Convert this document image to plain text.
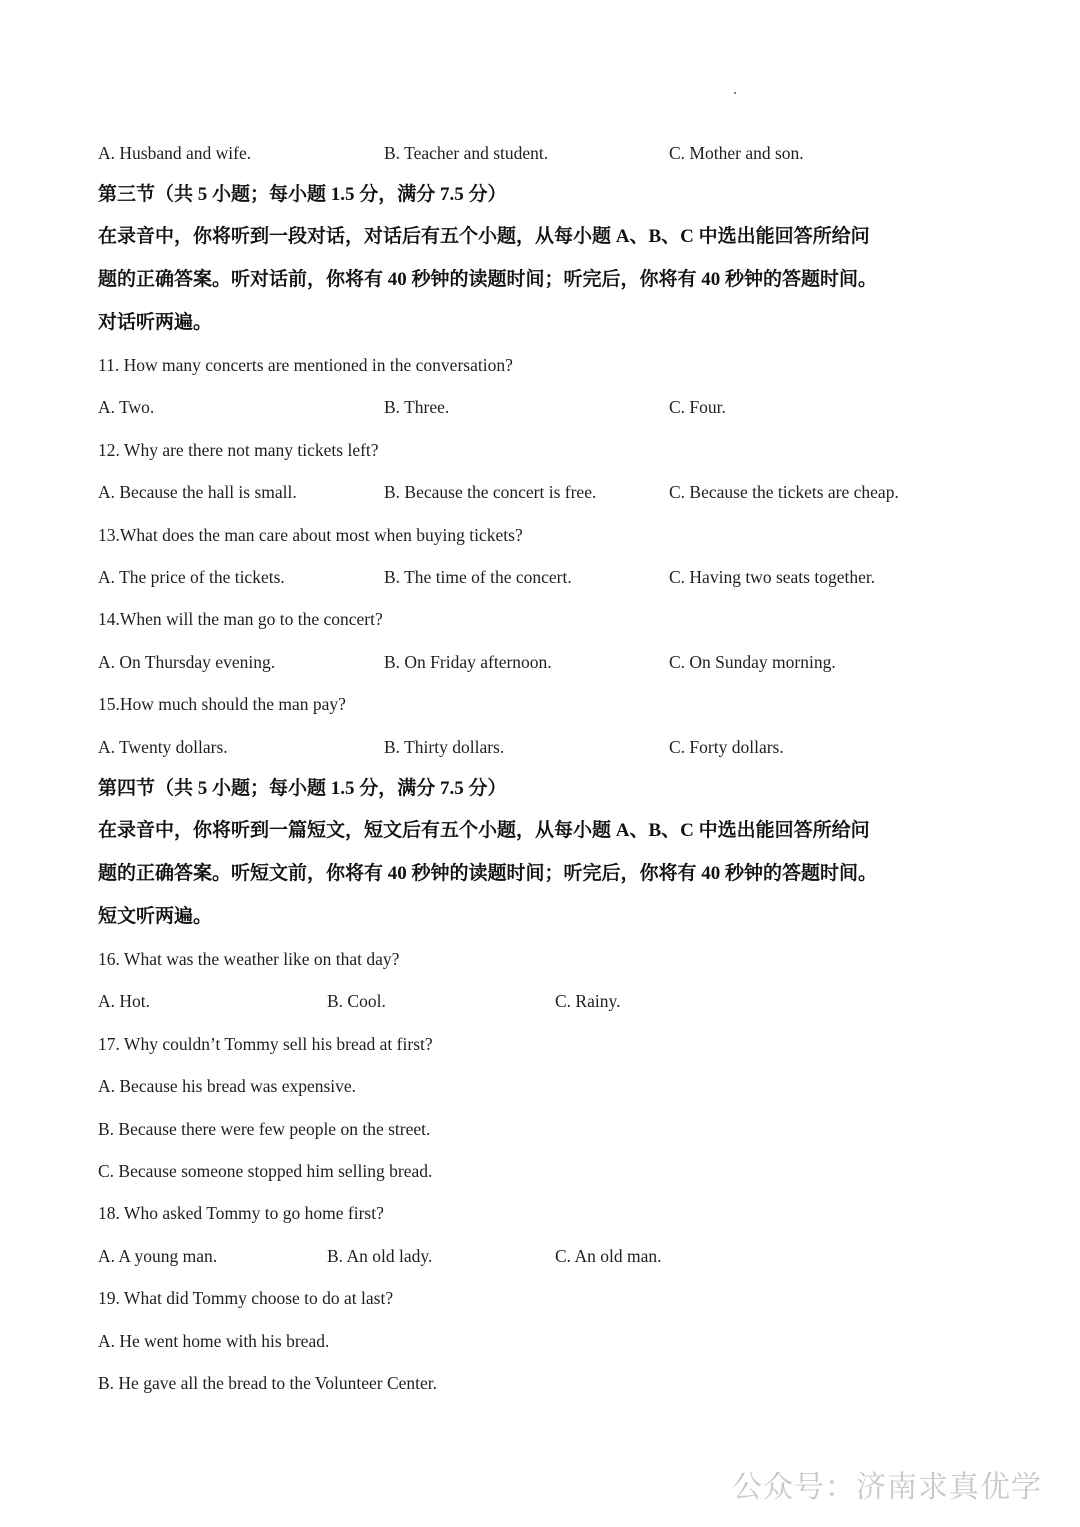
A. Husband and wife.	B. Teacher and student.	C. Mother and son.
第三节（共 5 小题；每小题 1.5 分，满分 7.5 分）
在录音中，你将听到一段对话，对话后有五个小题，从每小题 A、B、C 中选出能回答所给问
题的正确答案。听对话前，你将有 40 秒钟的读题时间；听完后，你将有 40 秒钟的答题时间。
对话听两遍。
11. How many concerts are mentioned in the conversation?
A. Two.	B. Three.	C. Four.
12. Why are there not many tickets left?
A. Because the hall is small.	B. Because the concert is free.	C. Because the tickets are cheap.
13.What does the man care about most when buying tickets?
A. The price of the tickets.	B. The time of the concert.	C. Having two seats together.
14.When will the man go to the concert?
A. On Thursday evening.	B. On Friday afternoon.	C. On Sunday morning.
15.How much should the man pay?
A. Twenty dollars.	B. Thirty dollars.	C. Forty dollars.
第四节（共 5 小题；每小题 1.5 分，满分 7.5 分）
在录音中，你将听到一篇短文，短文后有五个小题，从每小题 A、B、C 中选出能回答所给问
题的正确答案。听短文前，你将有 40 秒钟的读题时间；听完后，你将有 40 秒钟的答题时间。
短文听两遍。
16. What was the weather like on that day?
A. Hot.	B. Cool.	C. Rainy.
17. Why couldn’t Tommy sell his bread at first?
A. Because his bread was expensive.
B. Because there were few people on the street.
C. Because someone stopped him selling bread.
18. Who asked Tommy to go home first?
A. A young man.	B. An old lady.	C. An old man.
19. What did Tommy choose to do at last?
A. He went home with his bread.
B. He gave all the bread to the Volunteer Center.
公众号：济南求真优学
